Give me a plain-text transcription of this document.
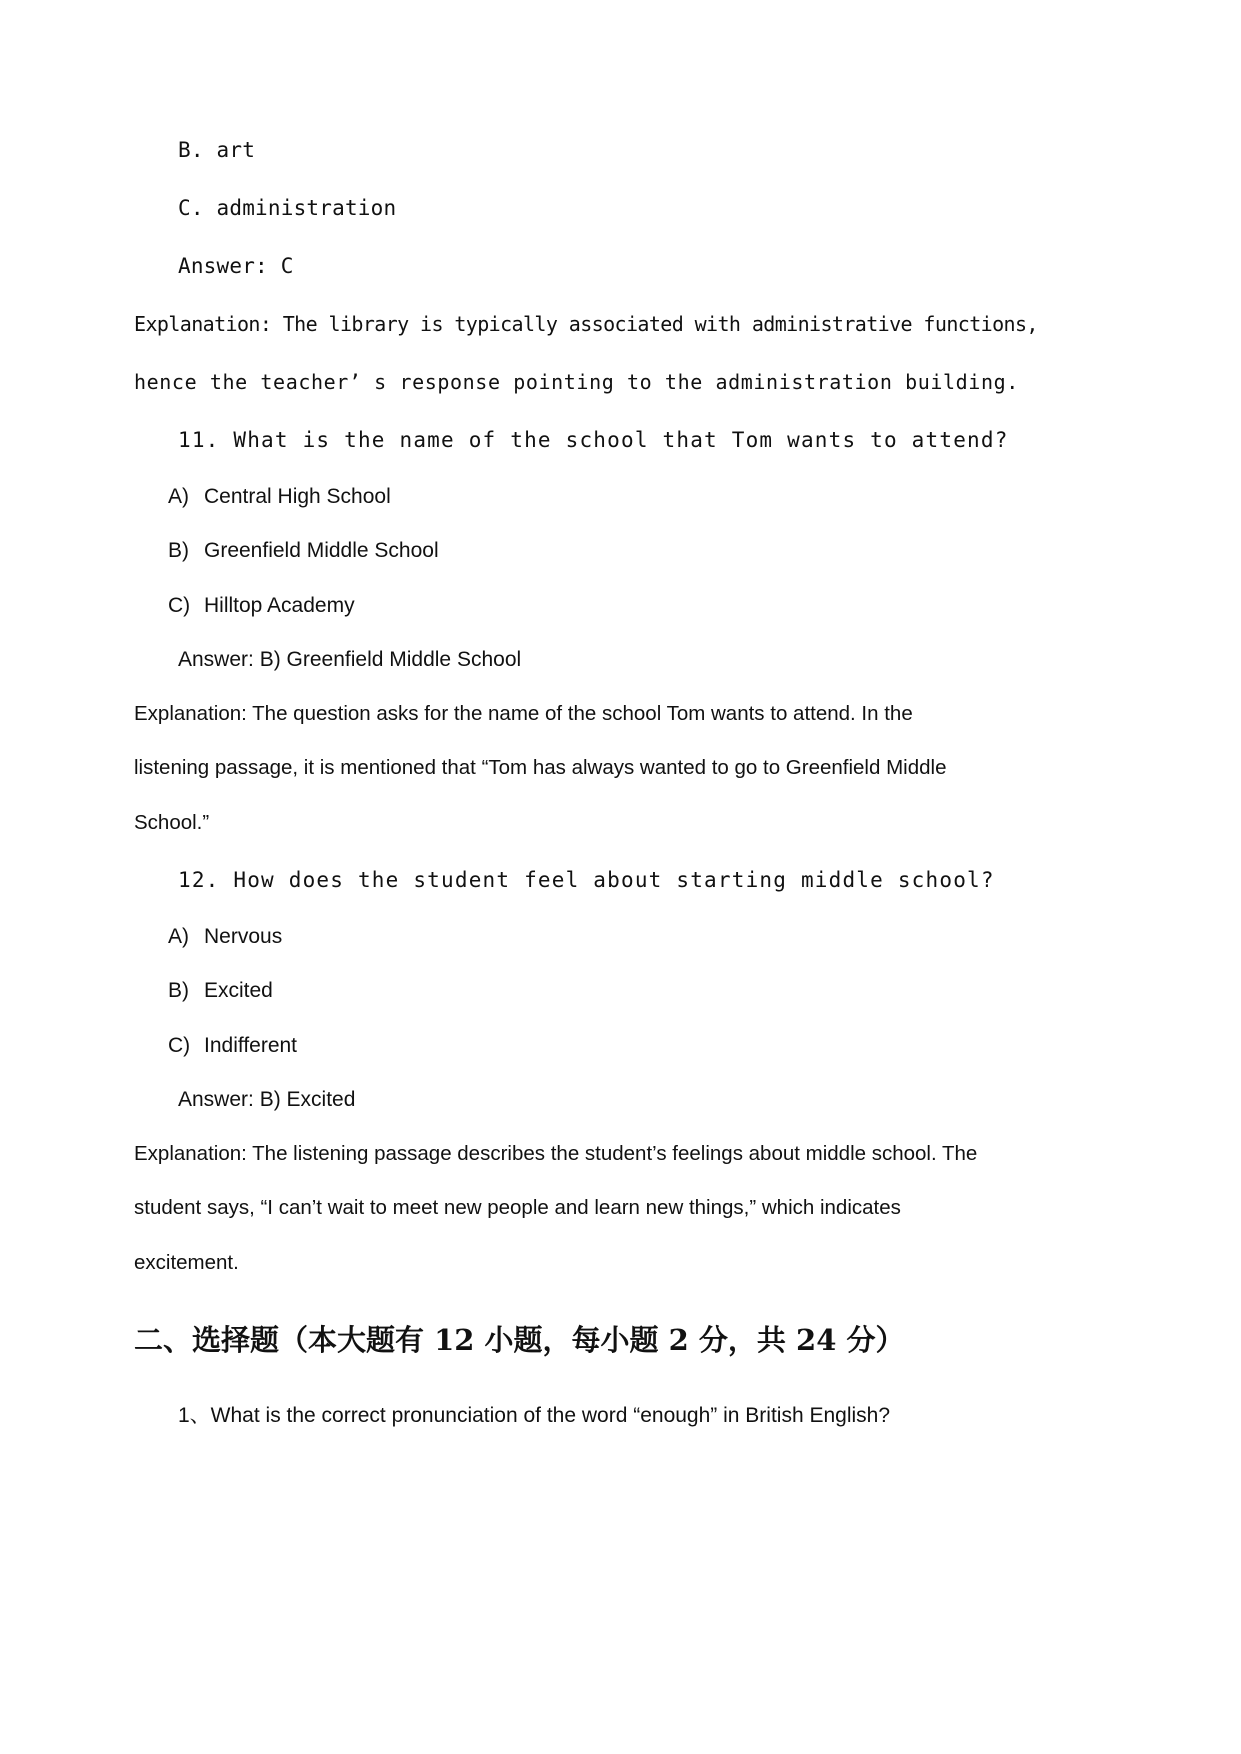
B. art
C. administration
Answer: C
Explanation: The library is typically associated with administrative functions,
hence the teacher’ s response pointing to the administration building.
11. What is the name of the school that Tom wants to attend?
A) Central High School
B) Greenfield Middle School
C) Hilltop Academy
Answer: B) Greenfield Middle School
Explanation: The question asks for the name of the school Tom wants to attend. In the
listening passage, it is mentioned that “Tom has always wanted to go to Greenfield Middle
School.”
12. How does the student feel about starting middle school?
A) Nervous
B) Excited
C) Indifferent
Answer: B) Excited
Explanation: The listening passage describes the student’s feelings about middle school. The
student says, “I can’t wait to meet new people and learn new things,” which indicates
excitement.
二、选择题（本大题有 12 小题，每小题 2 分，共 24 分）
1、What is the correct pronunciation of the word “enough” in British English?
